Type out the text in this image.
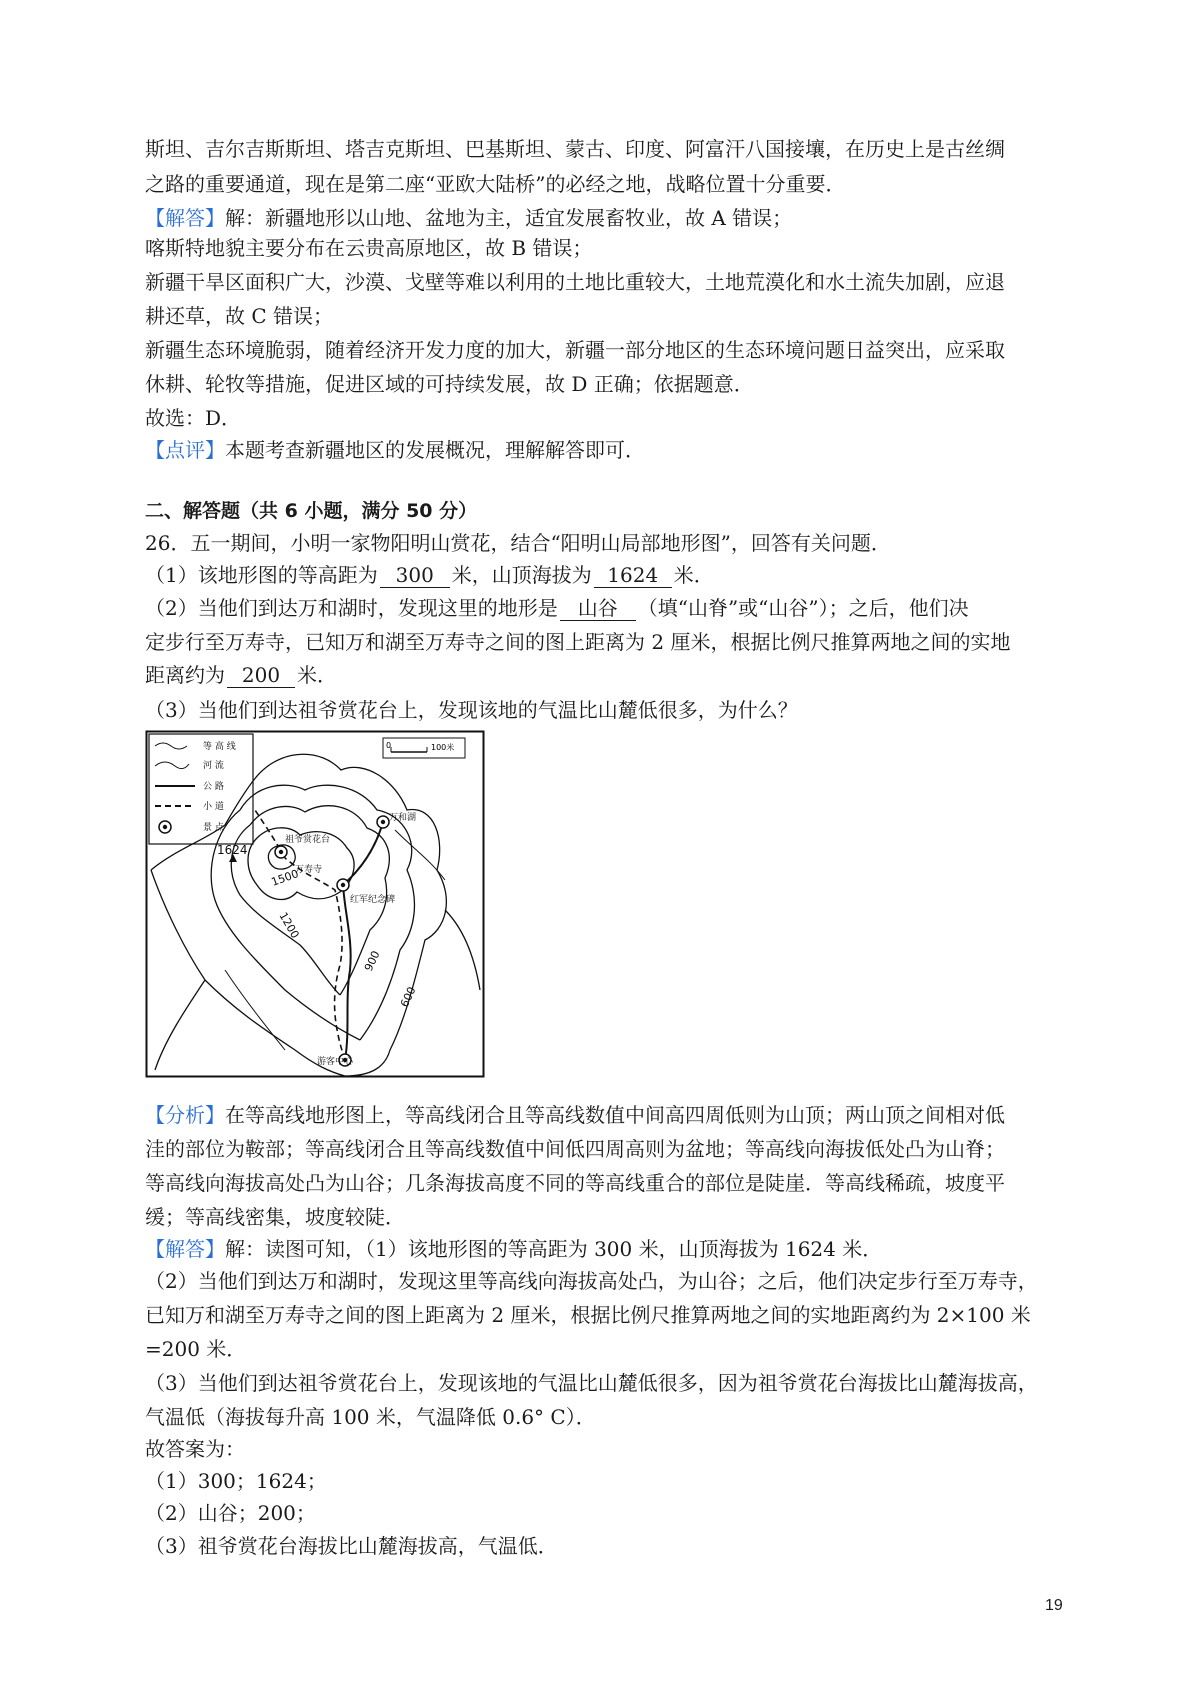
斯坦、吉尔吉斯斯坦、塔吉克斯坦、巴基斯坦、蒙古、印度、阿富汗八国接壤，在历史上是古丝绸
之路的重要通道，现在是第二座“亚欧大陆桥”的必经之地，战略位置十分重要．
【解答】解：新疆地形以山地、盆地为主，适宜发展畜牧业，故 A 错误；
喀斯特地貌主要分布在云贵高原地区，故 B 错误；
新疆干旱区面积广大，沙漠、戈壁等难以利用的土地比重较大，土地荒漠化和水土流失加剧，应退
耕还草，故 C 错误；
新疆生态环境脆弱，随着经济开发力度的加大，新疆一部分地区的生态环境问题日益突出，应采取
休耕、轮牧等措施，促进区域的可持续发展，故 D 正确；依据题意．
故选：D．
【点评】本题考查新疆地区的发展概况，理解解答即可．
二、解答题（共 6 小题，满分 50 分）
26．五一期间，小明一家物阳明山赏花，结合“阳明山局部地形图”，回答有关问题．
（1）该地形图的等高距为 300 米，山顶海拔为 1624 米．
（2）当他们到达万和湖时，发现这里的地形是 山谷 （填“山脊”或“山谷”）；之后，他们决
定步行至万寿寺，已知万和湖至万寿寺之间的图上距离为 2 厘米，根据比例尺推算两地之间的实地
距离约为 200 米．
（3）当他们到达祖爷赏花台上，发现该地的气温比山麓低很多，为什么？
等 高 线
河 流
公 路
小 道
景 点
0	100米
1624
祖爷赏花台
万寿寺
万和湖
红军纪念碑
游客中心
1500
1200
900
600
【分析】在等高线地形图上，等高线闭合且等高线数值中间高四周低则为山顶；两山顶之间相对低
洼的部位为鞍部；等高线闭合且等高线数值中间低四周高则为盆地；等高线向海拔低处凸为山脊；
等高线向海拔高处凸为山谷；几条海拔高度不同的等高线重合的部位是陡崖．等高线稀疏，坡度平
缓；等高线密集，坡度较陡．
【解答】解：读图可知，（1）该地形图的等高距为 300 米，山顶海拔为 1624 米．
（2）当他们到达万和湖时，发现这里等高线向海拔高处凸，为山谷；之后，他们决定步行至万寿寺，
已知万和湖至万寿寺之间的图上距离为 2 厘米，根据比例尺推算两地之间的实地距离约为 2×100 米
=200 米．
（3）当他们到达祖爷赏花台上，发现该地的气温比山麓低很多，因为祖爷赏花台海拔比山麓海拔高，
气温低（海拔每升高 100 米，气温降低 0.6° C）．
故答案为：
（1）300；1624；
（2）山谷；200；
（3）祖爷赏花台海拔比山麓海拔高，气温低．
19
